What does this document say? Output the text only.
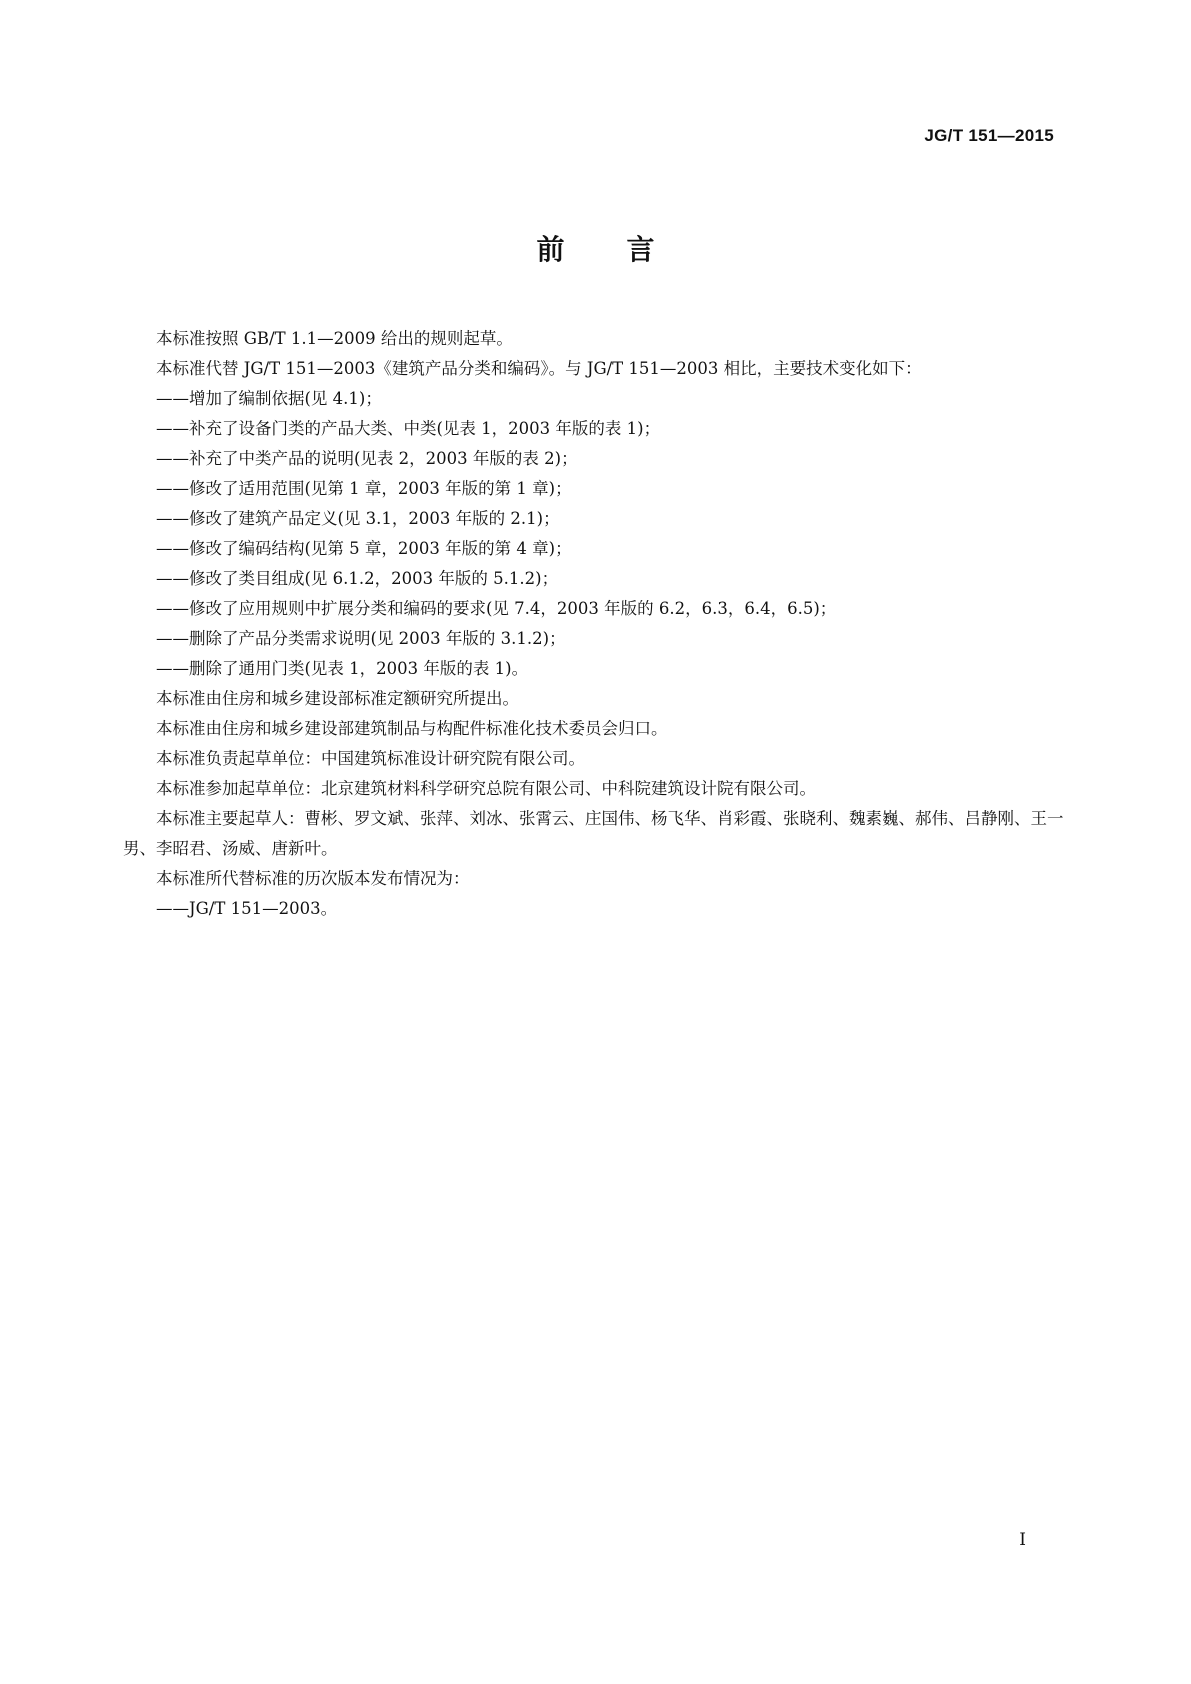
JG/T 151—2015
前言

本标准按照 GB/T 1.1—2009 给出的规则起草。

本标准代替 JG/T 151—2003《建筑产品分类和编码》。与 JG/T 151—2003 相比，主要技术变化如下：

——增加了编制依据(见 4.1)；

——补充了设备门类的产品大类、中类(见表 1，2003 年版的表 1)；

——补充了中类产品的说明(见表 2，2003 年版的表 2)；

——修改了适用范围(见第 1 章，2003 年版的第 1 章)；

——修改了建筑产品定义(见 3.1，2003 年版的 2.1)；

——修改了编码结构(见第 5 章，2003 年版的第 4 章)；

——修改了类目组成(见 6.1.2，2003 年版的 5.1.2)；

——修改了应用规则中扩展分类和编码的要求(见 7.4，2003 年版的 6.2，6.3，6.4，6.5)；

——删除了产品分类需求说明(见 2003 年版的 3.1.2)；

——删除了通用门类(见表 1，2003 年版的表 1)。

本标准由住房和城乡建设部标准定额研究所提出。

本标准由住房和城乡建设部建筑制品与构配件标准化技术委员会归口。

本标准负责起草单位：中国建筑标准设计研究院有限公司。

本标准参加起草单位：北京建筑材料科学研究总院有限公司、中科院建筑设计院有限公司。

本标准主要起草人：曹彬、罗文斌、张萍、刘冰、张霄云、庄国伟、杨飞华、肖彩霞、张晓利、魏素巍、郝伟、吕静刚、王一男、李昭君、汤威、唐新叶。

本标准所代替标准的历次版本发布情况为：

——JG/T 151—2003。

I
